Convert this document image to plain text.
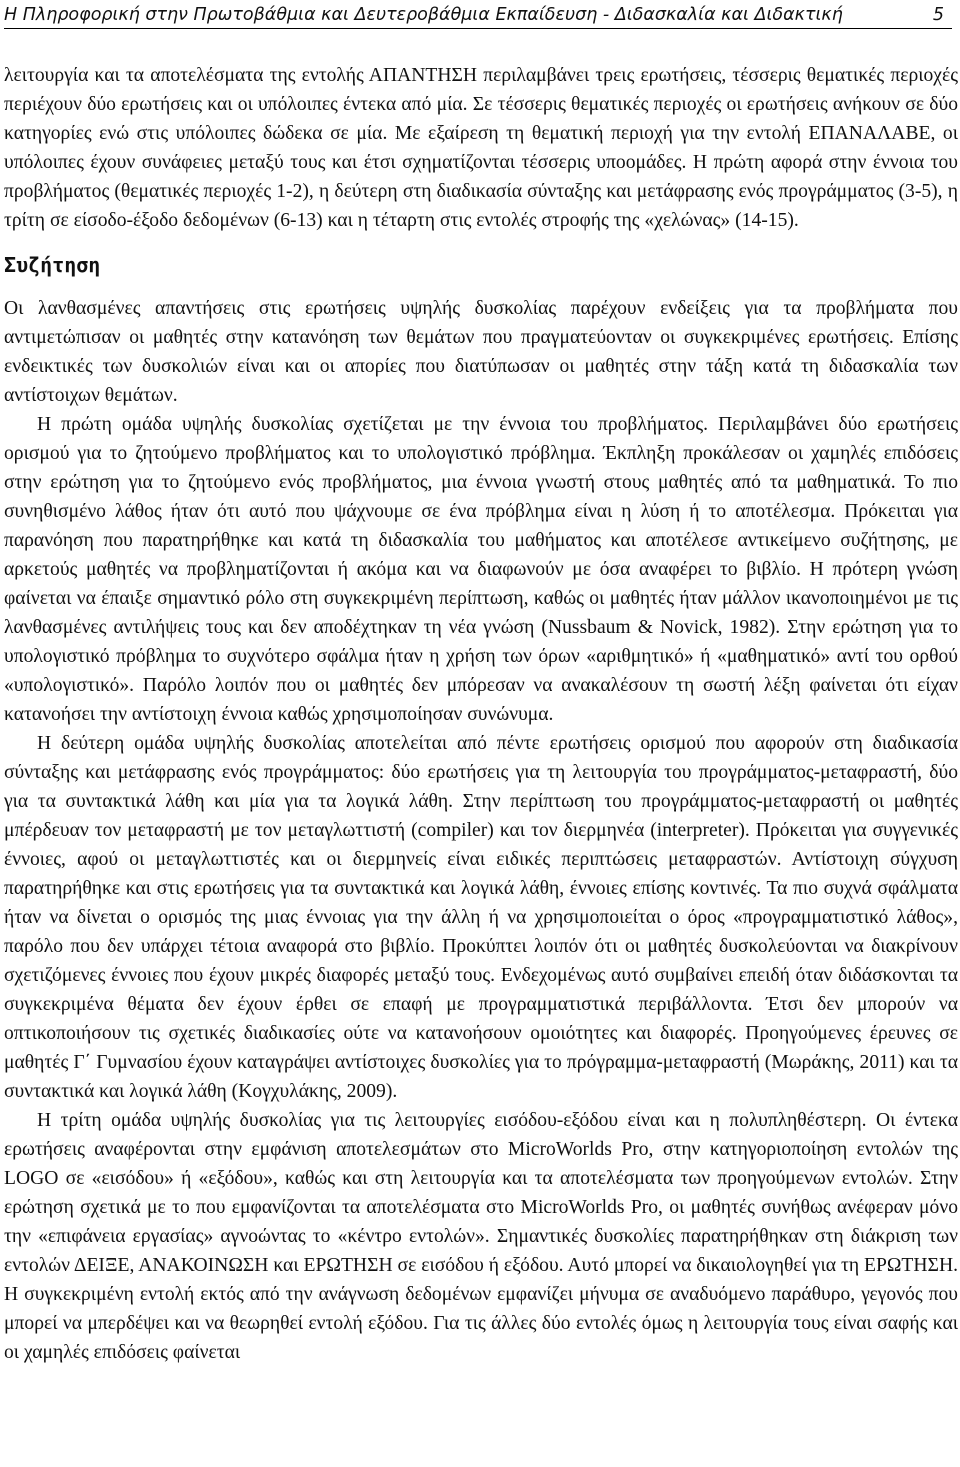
Η Πληροφορική στην Πρωτοβάθμια και Δευτεροβάθμια Εκπαίδευση - Διδασκαλία και Διδακτική	5

λειτουργία και τα αποτελέσματα της εντολής ΑΠΑΝΤΗΣΗ περιλαμβάνει τρεις ερωτήσεις, τέσσερις θεματικές περιοχές περιέχουν δύο ερωτήσεις και οι υπόλοιπες έντεκα από μία. Σε τέσσερις θεματικές περιοχές οι ερωτήσεις ανήκουν σε δύο κατηγορίες ενώ στις υπόλοιπες δώδεκα σε μία. Με εξαίρεση τη θεματική περιοχή για την εντολή ΕΠΑΝΑΛΑΒΕ, οι υπόλοιπες έχουν συνάφειες μεταξύ τους και έτσι σχηματίζονται τέσσερις υποομάδες. Η πρώτη αφορά στην έννοια του προβλήματος (θεματικές περιοχές 1-2), η δεύτερη στη διαδικασία σύνταξης και μετάφρασης ενός προγράμματος (3-5), η τρίτη σε είσοδο-έξοδο δεδομένων (6-13) και η τέταρτη στις εντολές στροφής της «χελώνας» (14-15).

Συζήτηση

Οι λανθασμένες απαντήσεις στις ερωτήσεις υψηλής δυσκολίας παρέχουν ενδείξεις για τα προβλήματα που αντιμετώπισαν οι μαθητές στην κατανόηση των θεμάτων που πραγματεύονταν οι συγκεκριμένες ερωτήσεις. Επίσης ενδεικτικές των δυσκολιών είναι και οι απορίες που διατύπωσαν οι μαθητές στην τάξη κατά τη διδασκαλία των αντίστοιχων θεμάτων.

Η πρώτη ομάδα υψηλής δυσκολίας σχετίζεται με την έννοια του προβλήματος. Περιλαμβάνει δύο ερωτήσεις ορισμού για το ζητούμενο προβλήματος και το υπολογιστικό πρόβλημα. Έκπληξη προκάλεσαν οι χαμηλές επιδόσεις στην ερώτηση για το ζητούμενο ενός προβλήματος, μια έννοια γνωστή στους μαθητές από τα μαθηματικά. Το πιο συνηθισμένο λάθος ήταν ότι αυτό που ψάχνουμε σε ένα πρόβλημα είναι η λύση ή το αποτέλεσμα. Πρόκειται για παρανόηση που παρατηρήθηκε και κατά τη διδασκαλία του μαθήματος και αποτέλεσε αντικείμενο συζήτησης, με αρκετούς μαθητές να προβληματίζονται ή ακόμα και να διαφωνούν με όσα αναφέρει το βιβλίο. Η πρότερη γνώση φαίνεται να έπαιξε σημαντικό ρόλο στη συγκεκριμένη περίπτωση, καθώς οι μαθητές ήταν μάλλον ικανοποιημένοι με τις λανθασμένες αντιλήψεις τους και δεν αποδέχτηκαν τη νέα γνώση (Nussbaum & Novick, 1982). Στην ερώτηση για το υπολογιστικό πρόβλημα το συχνότερο σφάλμα ήταν η χρήση των όρων «αριθμητικό» ή «μαθηματικό» αντί του ορθού «υπολογιστικό». Παρόλο λοιπόν που οι μαθητές δεν μπόρεσαν να ανακαλέσουν τη σωστή λέξη φαίνεται ότι είχαν κατανοήσει την αντίστοιχη έννοια καθώς χρησιμοποίησαν συνώνυμα.

Η δεύτερη ομάδα υψηλής δυσκολίας αποτελείται από πέντε ερωτήσεις ορισμού που αφορούν στη διαδικασία σύνταξης και μετάφρασης ενός προγράμματος: δύο ερωτήσεις για τη λειτουργία του προγράμματος-μεταφραστή, δύο για τα συντακτικά λάθη και μία για τα λογικά λάθη. Στην περίπτωση του προγράμματος-μεταφραστή οι μαθητές μπέρδευαν τον μεταφραστή με τον μεταγλωττιστή (compiler) και τον διερμηνέα (interpreter). Πρόκειται για συγγενικές έννοιες, αφού οι μεταγλωττιστές και οι διερμηνείς είναι ειδικές περιπτώσεις μεταφραστών. Αντίστοιχη σύγχυση παρατηρήθηκε και στις ερωτήσεις για τα συντακτικά και λογικά λάθη, έννοιες επίσης κοντινές. Τα πιο συχνά σφάλματα ήταν να δίνεται ο ορισμός της μιας έννοιας για την άλλη ή να χρησιμοποιείται ο όρος «προγραμματιστικό λάθος», παρόλο που δεν υπάρχει τέτοια αναφορά στο βιβλίο. Προκύπτει λοιπόν ότι οι μαθητές δυσκολεύονται να διακρίνουν σχετιζόμενες έννοιες που έχουν μικρές διαφορές μεταξύ τους. Ενδεχομένως αυτό συμβαίνει επειδή όταν διδάσκονται τα συγκεκριμένα θέματα δεν έχουν έρθει σε επαφή με προγραμματιστικά περιβάλλοντα. Έτσι δεν μπορούν να οπτικοποιήσουν τις σχετικές διαδικασίες ούτε να κατανοήσουν ομοιότητες και διαφορές. Προηγούμενες έρευνες σε μαθητές Γ΄ Γυμνασίου έχουν καταγράψει αντίστοιχες δυσκολίες για το πρόγραμμα-μεταφραστή (Μωράκης, 2011) και τα συντακτικά και λογικά λάθη (Κογχυλάκης, 2009).

Η τρίτη ομάδα υψηλής δυσκολίας για τις λειτουργίες εισόδου-εξόδου είναι και η πολυπληθέστερη. Οι έντεκα ερωτήσεις αναφέρονται στην εμφάνιση αποτελεσμάτων στο MicroWorlds Pro, στην κατηγοριοποίηση εντολών της LOGO σε «εισόδου» ή «εξόδου», καθώς και στη λειτουργία και τα αποτελέσματα των προηγούμενων εντολών. Στην ερώτηση σχετικά με το που εμφανίζονται τα αποτελέσματα στο MicroWorlds Pro, οι μαθητές συνήθως ανέφεραν μόνο την «επιφάνεια εργασίας» αγνοώντας το «κέντρο εντολών». Σημαντικές δυσκολίες παρατηρήθηκαν στη διάκριση των εντολών ΔΕΙΞΕ, ΑΝΑΚΟΙΝΩΣΗ και ΕΡΩΤΗΣΗ σε εισόδου ή εξόδου. Αυτό μπορεί να δικαιολογηθεί για τη ΕΡΩΤΗΣΗ. Η συγκεκριμένη εντολή εκτός από την ανάγνωση δεδομένων εμφανίζει μήνυμα σε αναδυόμενο παράθυρο, γεγονός που μπορεί να μπερδέψει και να θεωρηθεί εντολή εξόδου. Για τις άλλες δύο εντολές όμως η λειτουργία τους είναι σαφής και οι χαμηλές επιδόσεις φαίνεται
